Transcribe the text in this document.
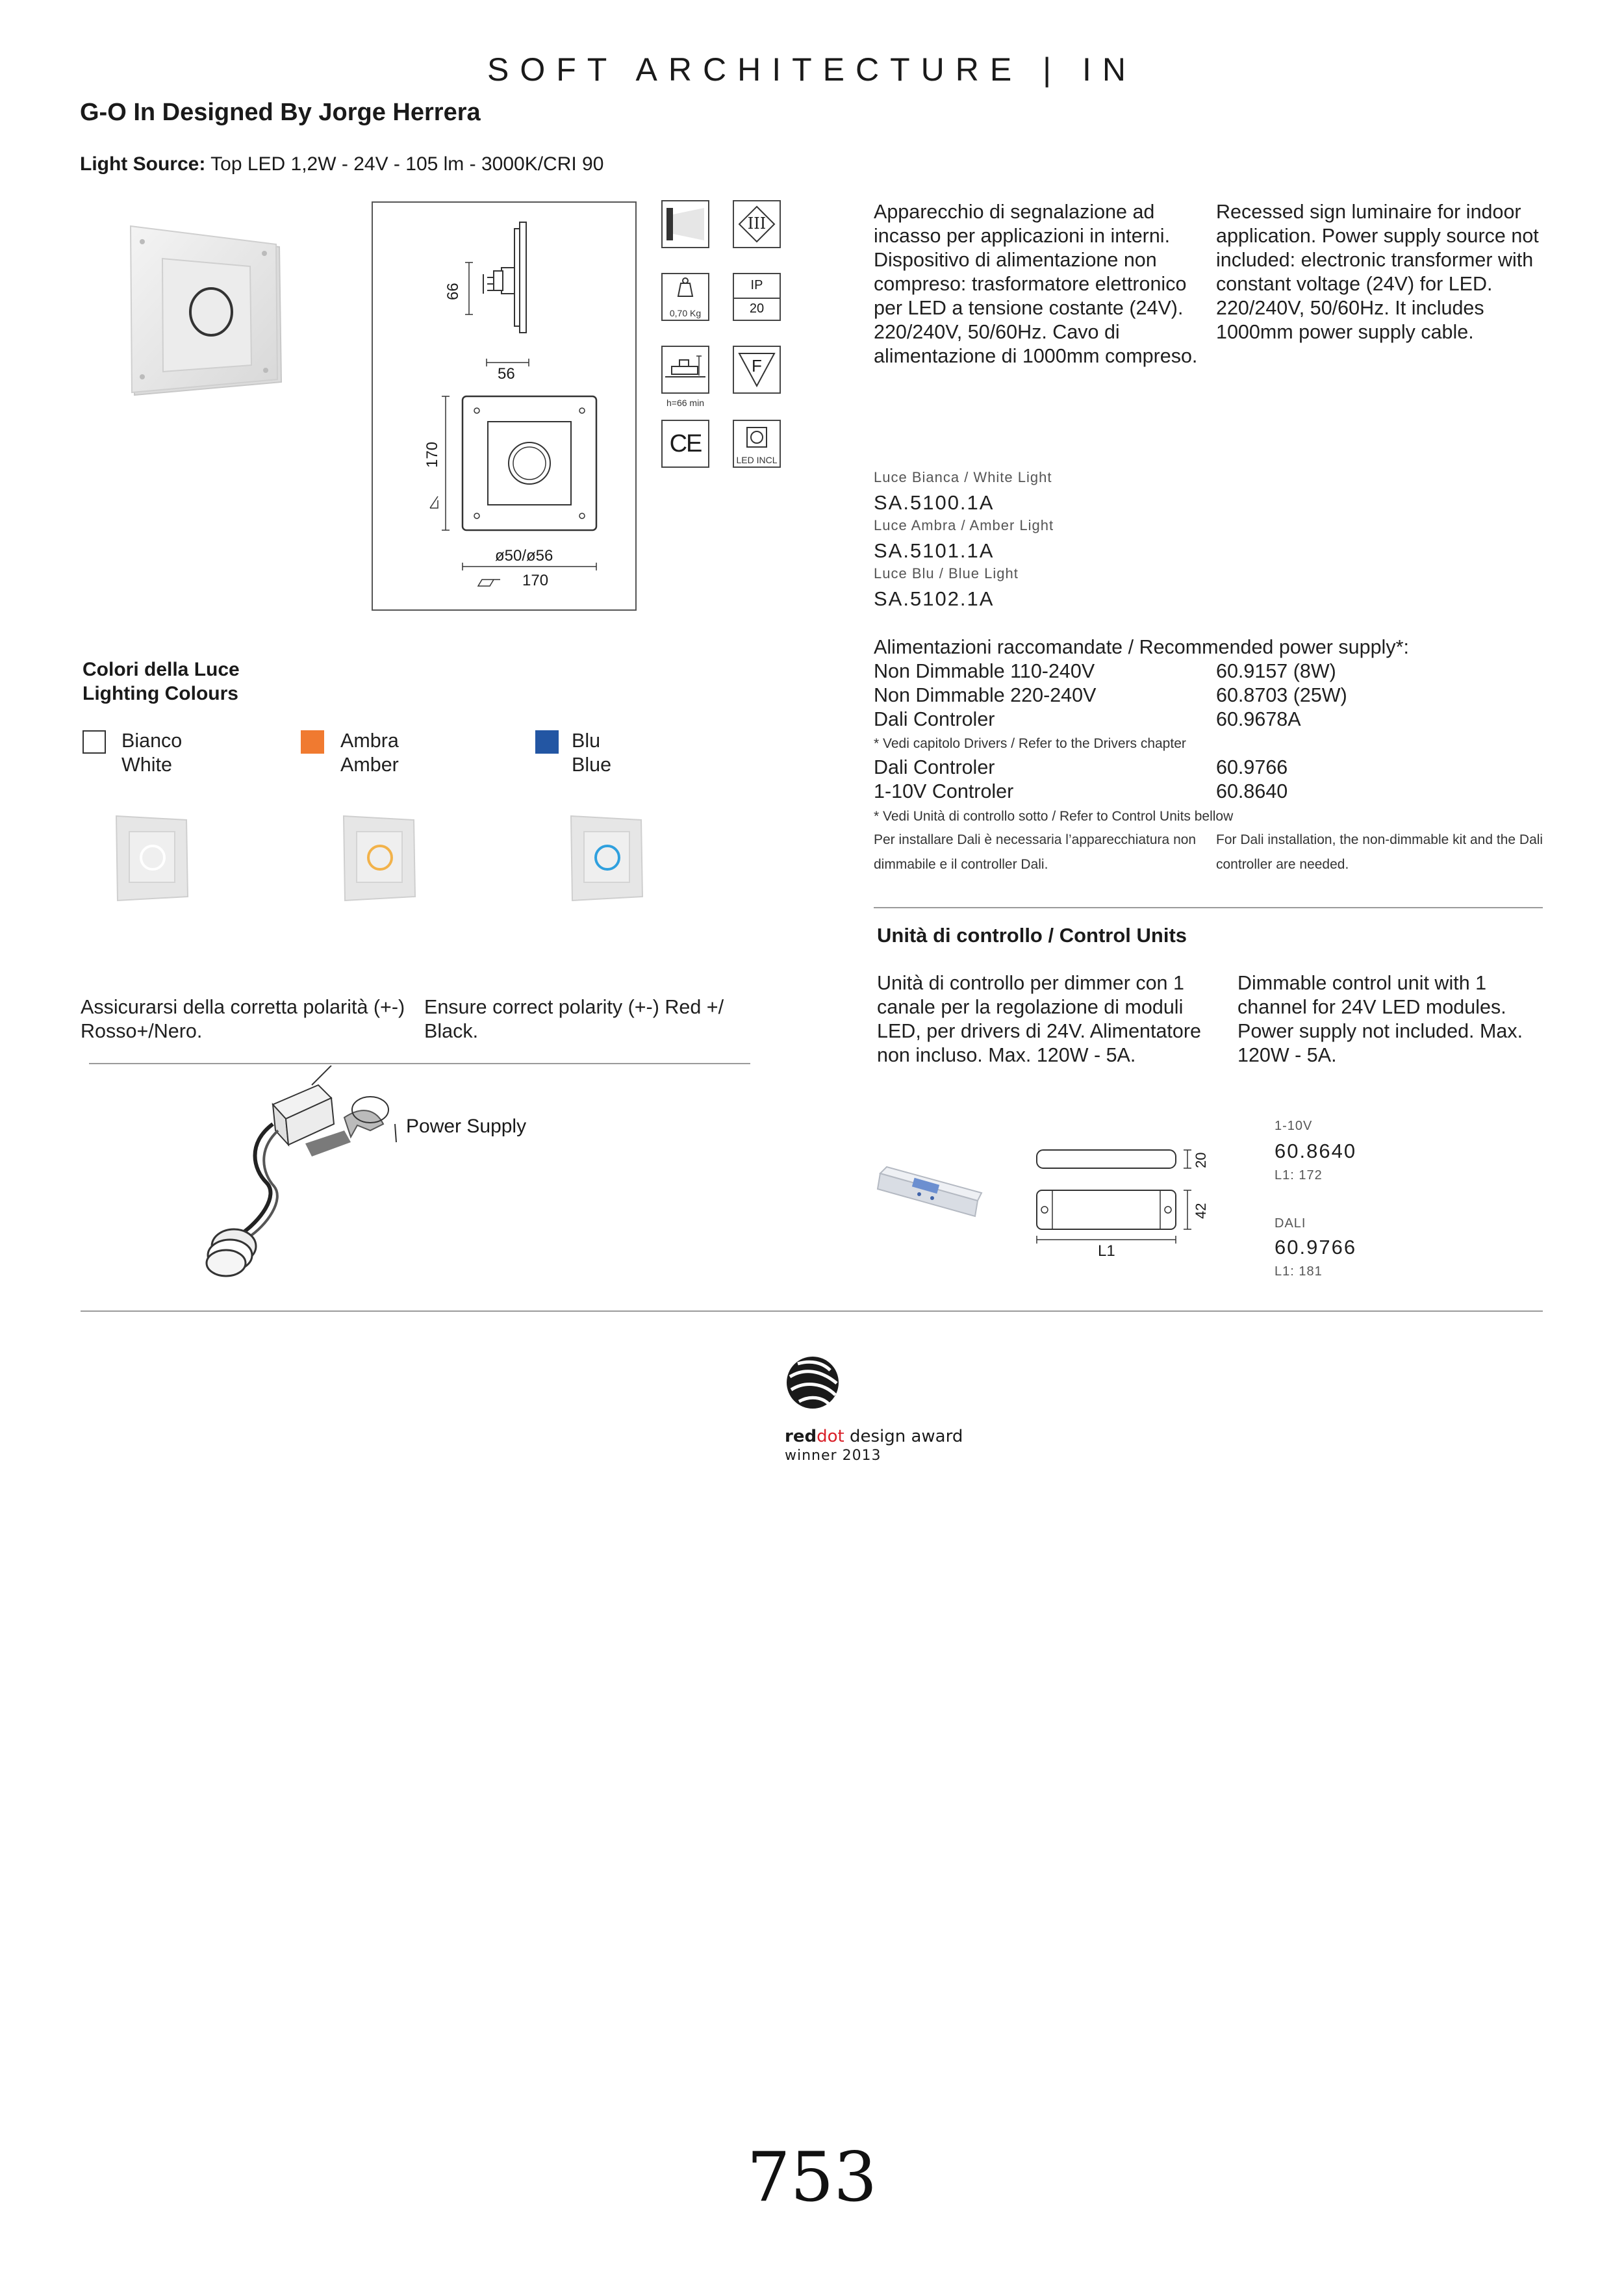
SOFT ARCHITECTURE | IN
G-O In Designed By Jorge Herrera
Light Source: Top LED 1,2W - 24V - 105 lm - 3000K/CRI 90
66
56
170
ø50/ø56
170
III
0,70 Kg
IP
20
h=66 min
F
CE
LED INCL
Apparecchio di segnalazione ad incasso per applicazioni in interni. Dispositivo di alimentazione non compreso: trasformatore elettronico per LED a tensione costante (24V). 220/240V, 50/60Hz. Cavo di alimentazione di 1000mm compreso.
Recessed sign luminaire for indoor application. Power supply source not included: electronic transformer with constant voltage (24V) for LED. 220/240V, 50/60Hz. It includes 1000mm power supply cable.
Luce Bianca / White Light
SA.5100.1A
Luce Ambra / Amber Light
SA.5101.1A
Luce Blu / Blue Light
SA.5102.1A
Alimentazioni raccomandate / Recommended power supply*:
Non Dimmable 110-240V	60.9157 (8W)
Non Dimmable 220-240V	60.8703 (25W)
Dali Controler	60.9678A
* Vedi capitolo Drivers / Refer to the Drivers chapter
Dali Controler	60.9766
1-10V Controler	60.8640
* Vedi Unità di controllo sotto / Refer to Control Units bellow
Per installare Dali è necessaria l’apparecchiatura non dimmabile e il controller Dali.
For Dali installation, the non-dimmable kit and the Dali controller are needed.
Unità di controllo / Control Units
Unità di controllo per dimmer con 1 canale per la regolazione di moduli LED, per drivers di 24V. Alimentatore non incluso. Max. 120W - 5A.
Dimmable control unit with 1 channel for 24V LED modules. Power supply not included. Max. 120W - 5A.
20
42
L1
1-10V
60.8640
L1: 172
DALI
60.9766
L1: 181
Colori della Luce
Lighting Colours
Bianco
White
Ambra
Amber
Blu
Blue
Assicurarsi della corretta polarità (+-) Rosso+/Nero.
Ensure correct polarity (+-) Red +/ Black.
Power Supply
reddot design award
winner 2013
753
